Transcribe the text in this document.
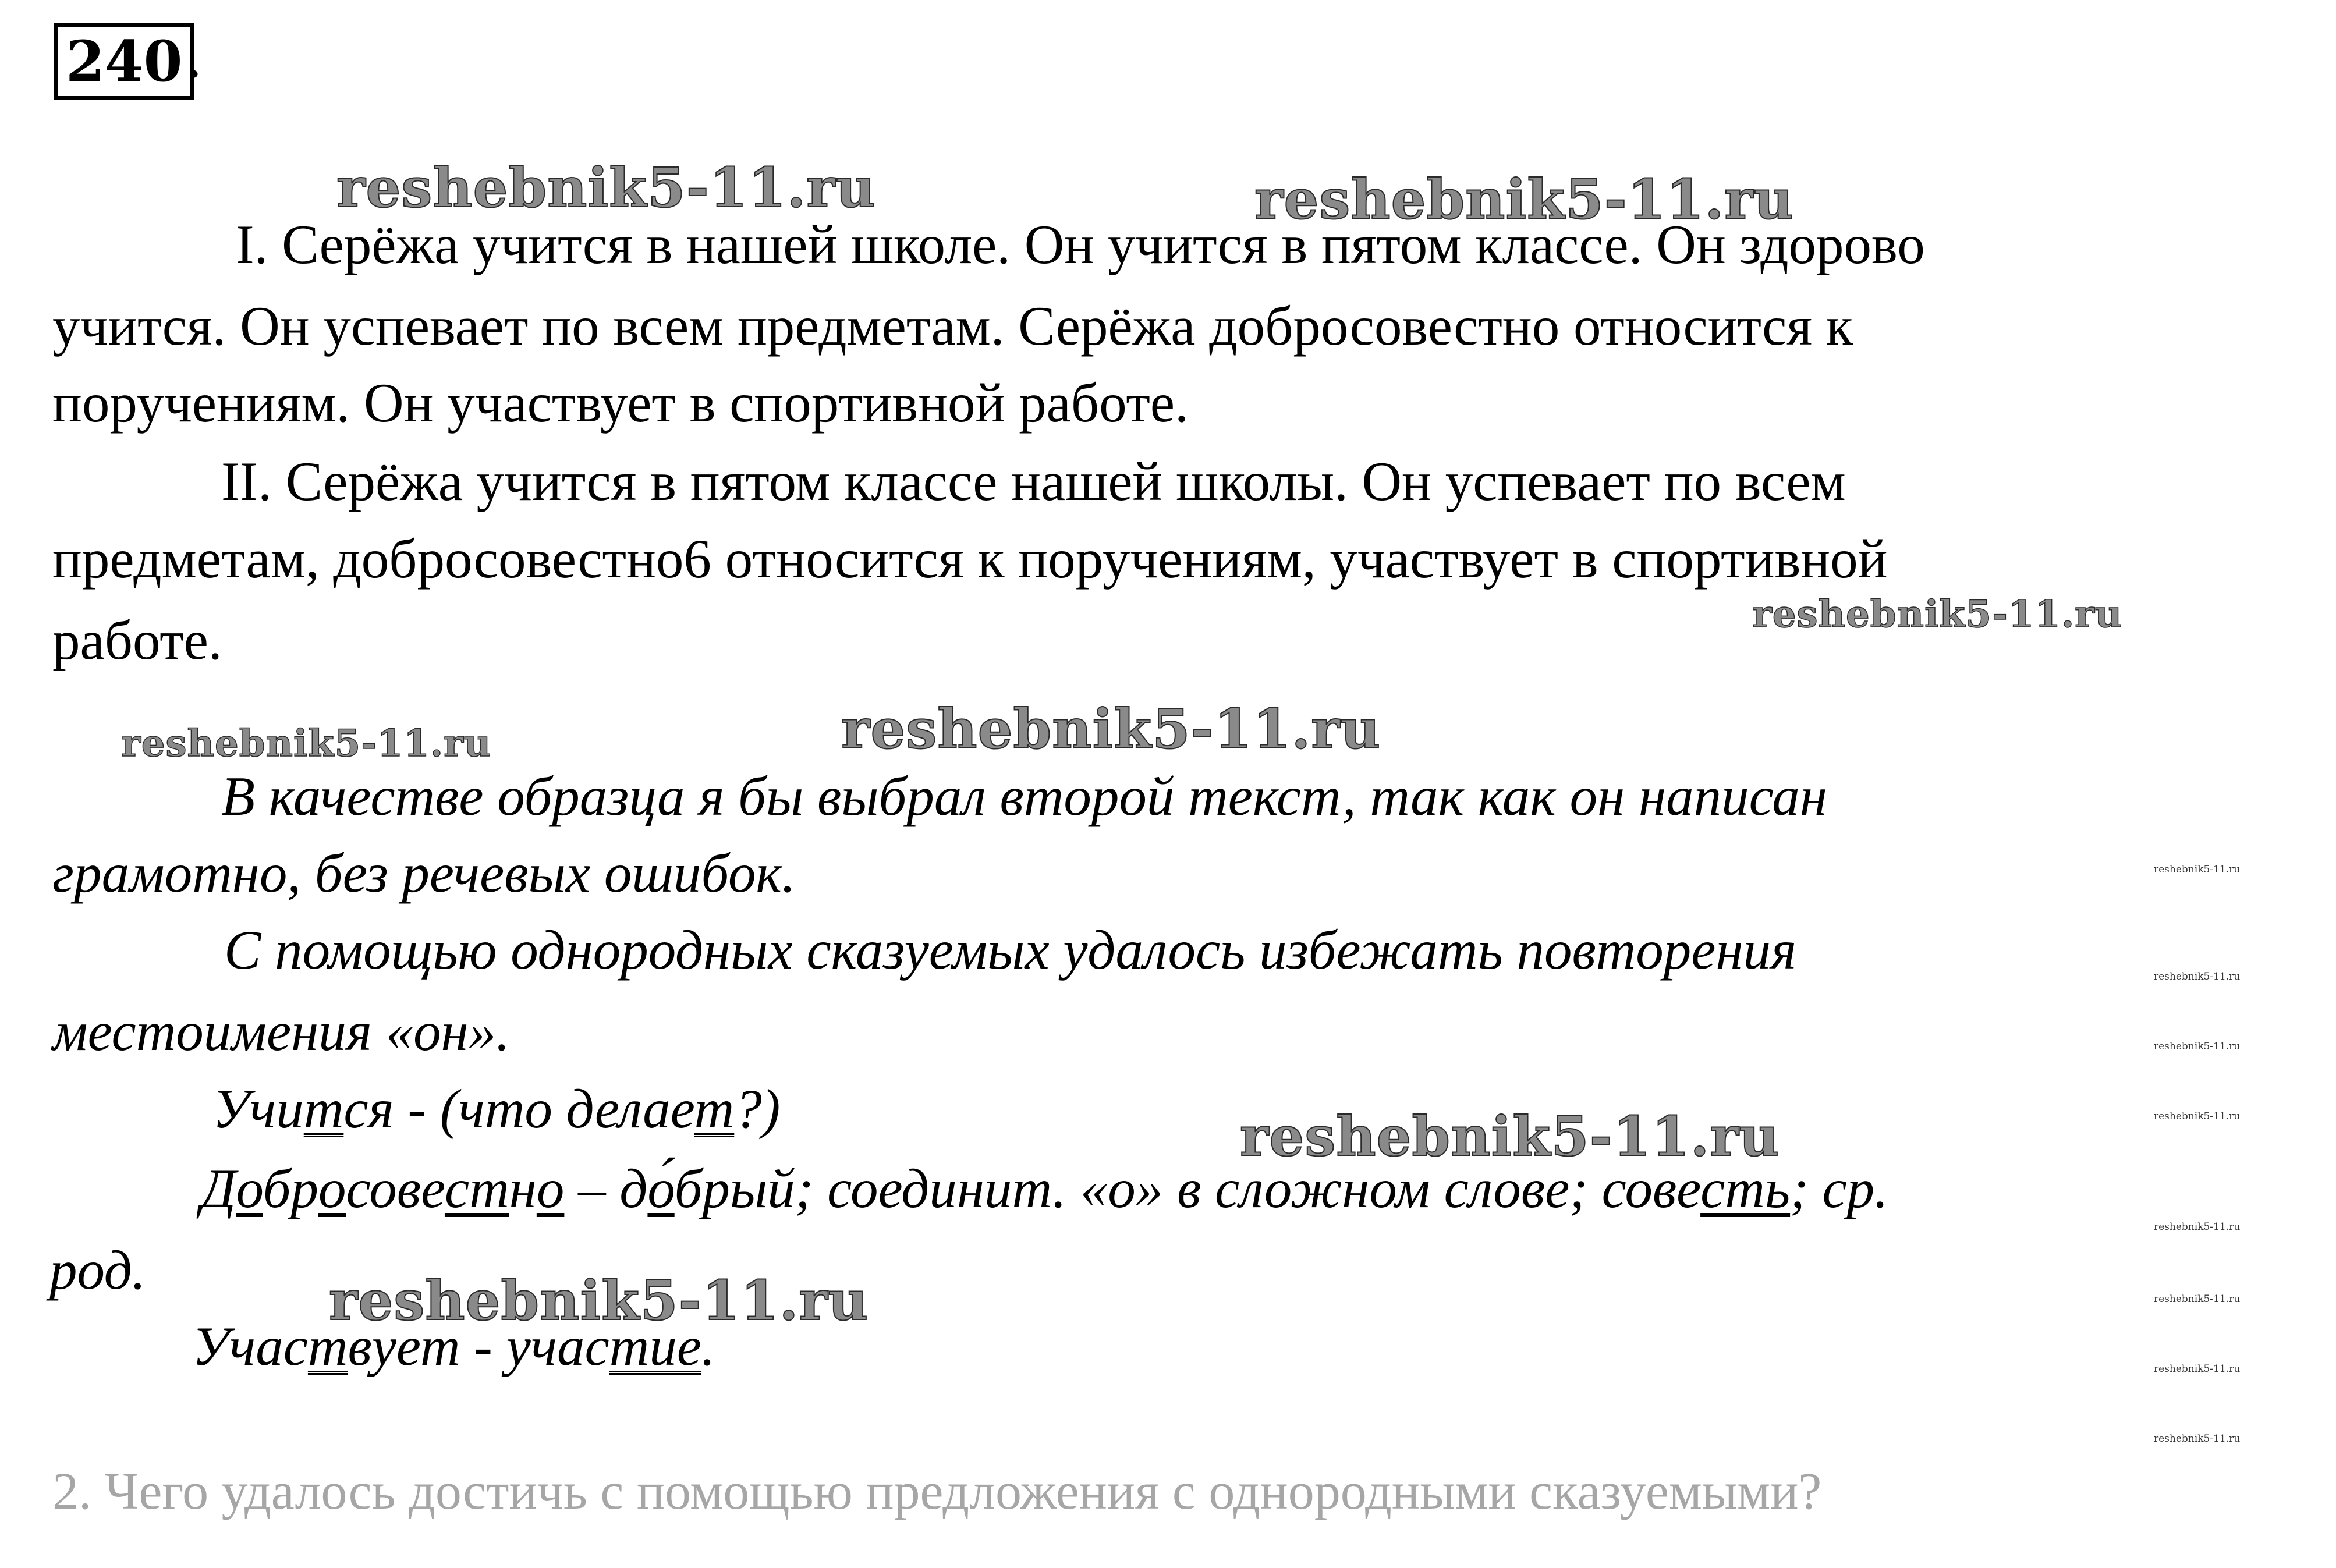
240 .
reshebnik5-11.ru	reshebnik5-11.ru
reshebnik5-11.ru
reshebnik5-11.ru	reshebnik5-11.ru
reshebnik5-11.ru
reshebnik5-11.ru
I. Серёжа учится в нашей школе. Он учится в пятом классе. Он здорово
учится. Он успевает по всем предметам. Серёжа добросовестно относится к
поручениям. Он участвует в спортивной работе.
II. Серёжа учится в пятом классе нашей школы. Он успевает по всем
предметам, добросовестно6 относится к поручениям, участвует в спортивной
работе.
В качестве образца я бы выбрал второй текст, так как он написан
грамотно, без речевых ошибок.
С помощью однородных сказуемых удалось избежать повторения
местоимения «он».
Учится - (что делает?)
Добросовестно – добрый; соединит. «о» в сложном слове; совесть; ср.
род.
Участвует - участие.
reshebnik5-11.ru
reshebnik5-11.ru
reshebnik5-11.ru
reshebnik5-11.ru
reshebnik5-11.ru
reshebnik5-11.ru
reshebnik5-11.ru
reshebnik5-11.ru
2. Чего удалось достичь с помощью предложения с однородными сказуемыми?
